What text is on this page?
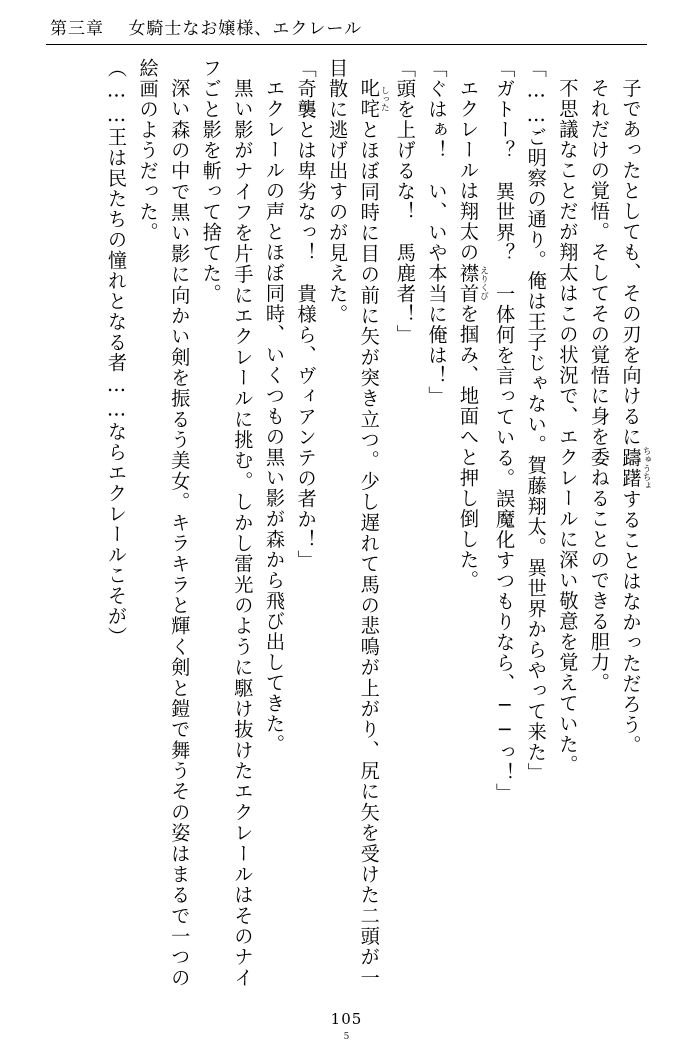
第三章 女騎士なお嬢様、エクレール

子であったとしても、その刃を向けるに躊躇ちゅうちょすることはなかっただろう。

それだけの覚悟。そしてその覚悟に身を委ねることのできる胆力。

不思議なことだが翔太はこの状況で、エクレールに深い敬意を覚えていた。

「……ご明察の通り。俺は王子じゃない。賀藤翔太。異世界からやって来た」

「ガトー？　異世界？　一体何を言っている。誤魔化すつもりなら、──っ！」

エクレールは翔太の襟首えりくびを掴み、地面へと押し倒した。

「ぐはぁ！　い、いや本当に俺は！」

「頭を上げるな！　馬鹿者！」

叱咤しったとほぼ同時に目の前に矢が突き立つ。少し遅れて馬の悲鳴が上がり、尻に矢を受けた二頭が一目散に逃げ出すのが見えた。

「奇襲とは卑劣なっ！　貴様ら、ヴィアンテの者か！」

エクレールの声とほぼ同時、いくつもの黒い影が森から飛び出してきた。

黒い影がナイフを片手にエクレールに挑む。しかし雷光のように駆け抜けたエクレールはそのナイフごと影を斬って捨てた。

深い森の中で黒い影に向かい剣を振るう美女。キラキラと輝く剣と鎧で舞うその姿はまるで一つの絵画のようだった。

（……王は民たちの憧れとなる者……ならエクレールこそが）

105
5
